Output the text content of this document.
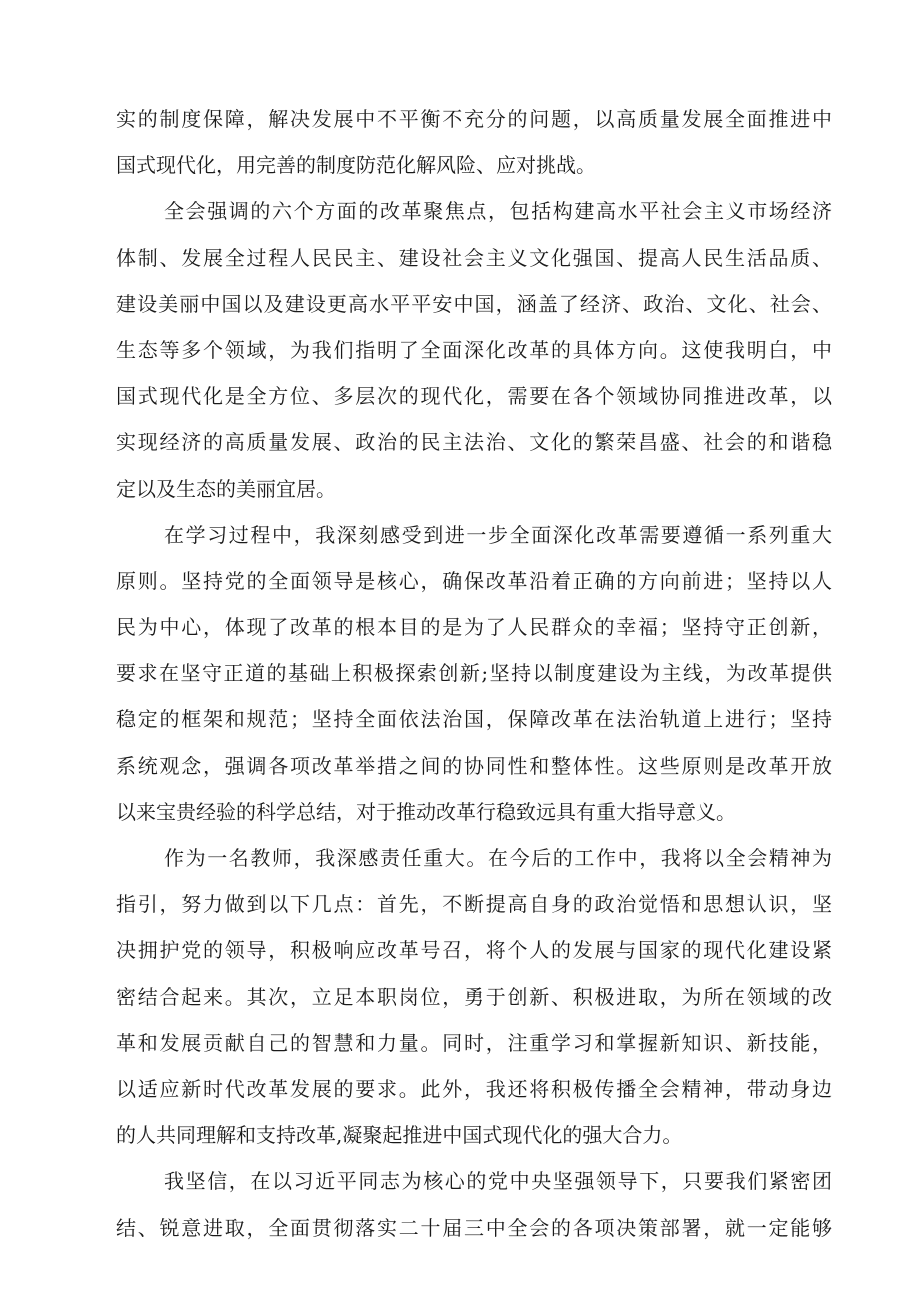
实的制度保障，解决发展中不平衡不充分的问题，以高质量发展全面推进中
国式现代化，用完善的制度防范化解风险、应对挑战。
全会强调的六个方面的改革聚焦点，包括构建高水平社会主义市场经济
体制、发展全过程人民民主、建设社会主义文化强国、提高人民生活品质、
建设美丽中国以及建设更高水平平安中国，涵盖了经济、政治、文化、社会、
生态等多个领域，为我们指明了全面深化改革的具体方向。这使我明白，中
国式现代化是全方位、多层次的现代化，需要在各个领域协同推进改革，以
实现经济的高质量发展、政治的民主法治、文化的繁荣昌盛、社会的和谐稳
定以及生态的美丽宜居。
在学习过程中，我深刻感受到进一步全面深化改革需要遵循一系列重大
原则。坚持党的全面领导是核心，确保改革沿着正确的方向前进；坚持以人
民为中心，体现了改革的根本目的是为了人民群众的幸福；坚持守正创新，
要求在坚守正道的基础上积极探索创新;坚持以制度建设为主线，为改革提供
稳定的框架和规范；坚持全面依法治国，保障改革在法治轨道上进行；坚持
系统观念，强调各项改革举措之间的协同性和整体性。这些原则是改革开放
以来宝贵经验的科学总结，对于推动改革行稳致远具有重大指导意义。
作为一名教师，我深感责任重大。在今后的工作中，我将以全会精神为
指引，努力做到以下几点：首先，不断提高自身的政治觉悟和思想认识，坚
决拥护党的领导，积极响应改革号召，将个人的发展与国家的现代化建设紧
密结合起来。其次，立足本职岗位，勇于创新、积极进取，为所在领域的改
革和发展贡献自己的智慧和力量。同时，注重学习和掌握新知识、新技能，
以适应新时代改革发展的要求。此外，我还将积极传播全会精神，带动身边
的人共同理解和支持改革,凝聚起推进中国式现代化的强大合力。
我坚信，在以习近平同志为核心的党中央坚强领导下，只要我们紧密团
结、锐意进取，全面贯彻落实二十届三中全会的各项决策部署，就一定能够
